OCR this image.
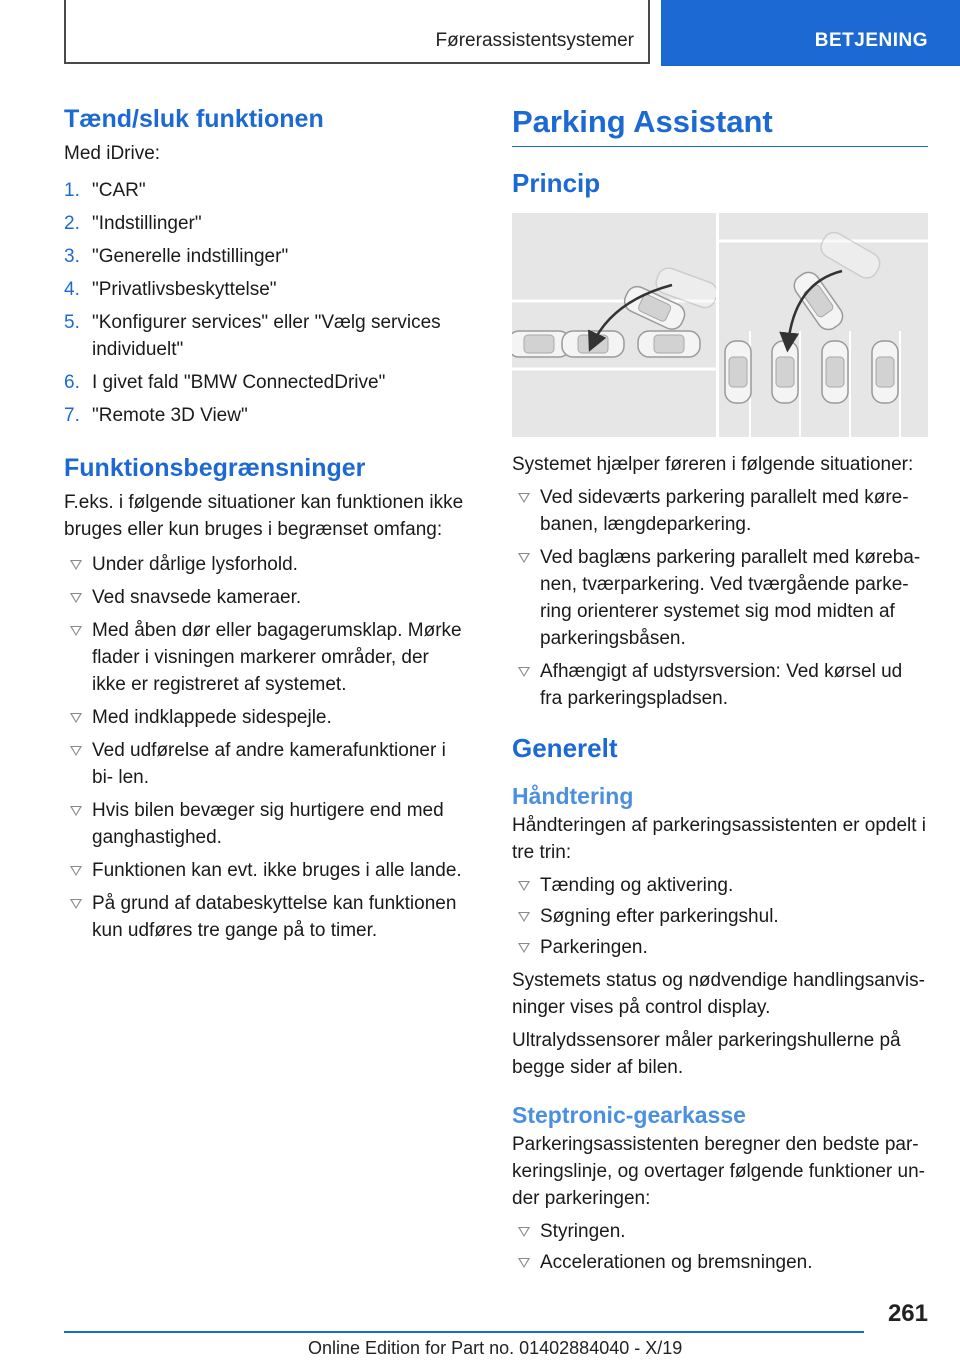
Førerassistentsystemer	BETJENING
Tænd/sluk funktionen

Med iDrive:

1. "CAR"
2. "Indstillinger"
3. "Generelle indstillinger"
4. "Privatlivsbeskyttelse"
5. "Konfigurer services" eller "Vælg services individuelt"
6. I givet fald "BMW ConnectedDrive"
7. "Remote 3D View"
Funktionsbegrænsninger

F.eks. i følgende situationer kan funktionen ikke bruges eller kun bruges i begrænset omfang:

Under dårlige lysforhold.
Ved snavsede kameraer.
Med åben dør eller bagagerumsklap. Mørke flader i visningen markerer områder, der ikke er registreret af systemet.
Med indklappede sidespejle.
Ved udførelse af andre kamerafunktioner i bi- len.
Hvis bilen bevæger sig hurtigere end med ganghastighed.
Funktionen kan evt. ikke bruges i alle lande.
På grund af databeskyttelse kan funktionen kun udføres tre gange på to timer.
Parking Assistant
Princip

Systemet hjælper føreren i følgende situationer:

Ved sideværts parkering parallelt med køre- banen, længdeparkering.
Ved baglæns parkering parallelt med køreba- nen, tværparkering. Ved tværgående parke- ring orienterer systemet sig mod midten af parkeringsbåsen.
Afhængigt af udstyrsversion: Ved kørsel ud fra parkeringspladsen.
Generelt
Håndtering

Håndteringen af parkeringsassistenten er opdelt i tre trin:

Tænding og aktivering.
Søgning efter parkeringshul.
Parkeringen.

Systemets status og nødvendige handlingsanvis- ninger vises på control display.

Ultralydssensorer måler parkeringshullerne på begge sider af bilen.

Steptronic-gearkasse

Parkeringsassistenten beregner den bedste par- keringslinje, og overtager følgende funktioner un- der parkeringen:

Styringen.
Accelerationen og bremsningen.
261
Online Edition for Part no. 01402884040 - X/19
